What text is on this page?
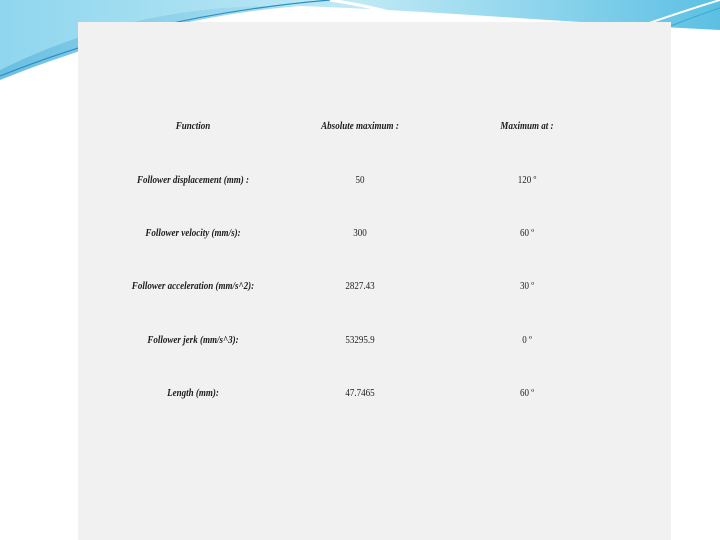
Function	Absolute maximum :	Maximum at :
Follower displacement (mm) :	50	120 º
Follower velocity (mm/s):	300	60 º
Follower acceleration (mm/s^2):	2827.43	30 º
Follower jerk (mm/s^3):	53295.9	0 º
Length (mm):	47.7465	60 º
